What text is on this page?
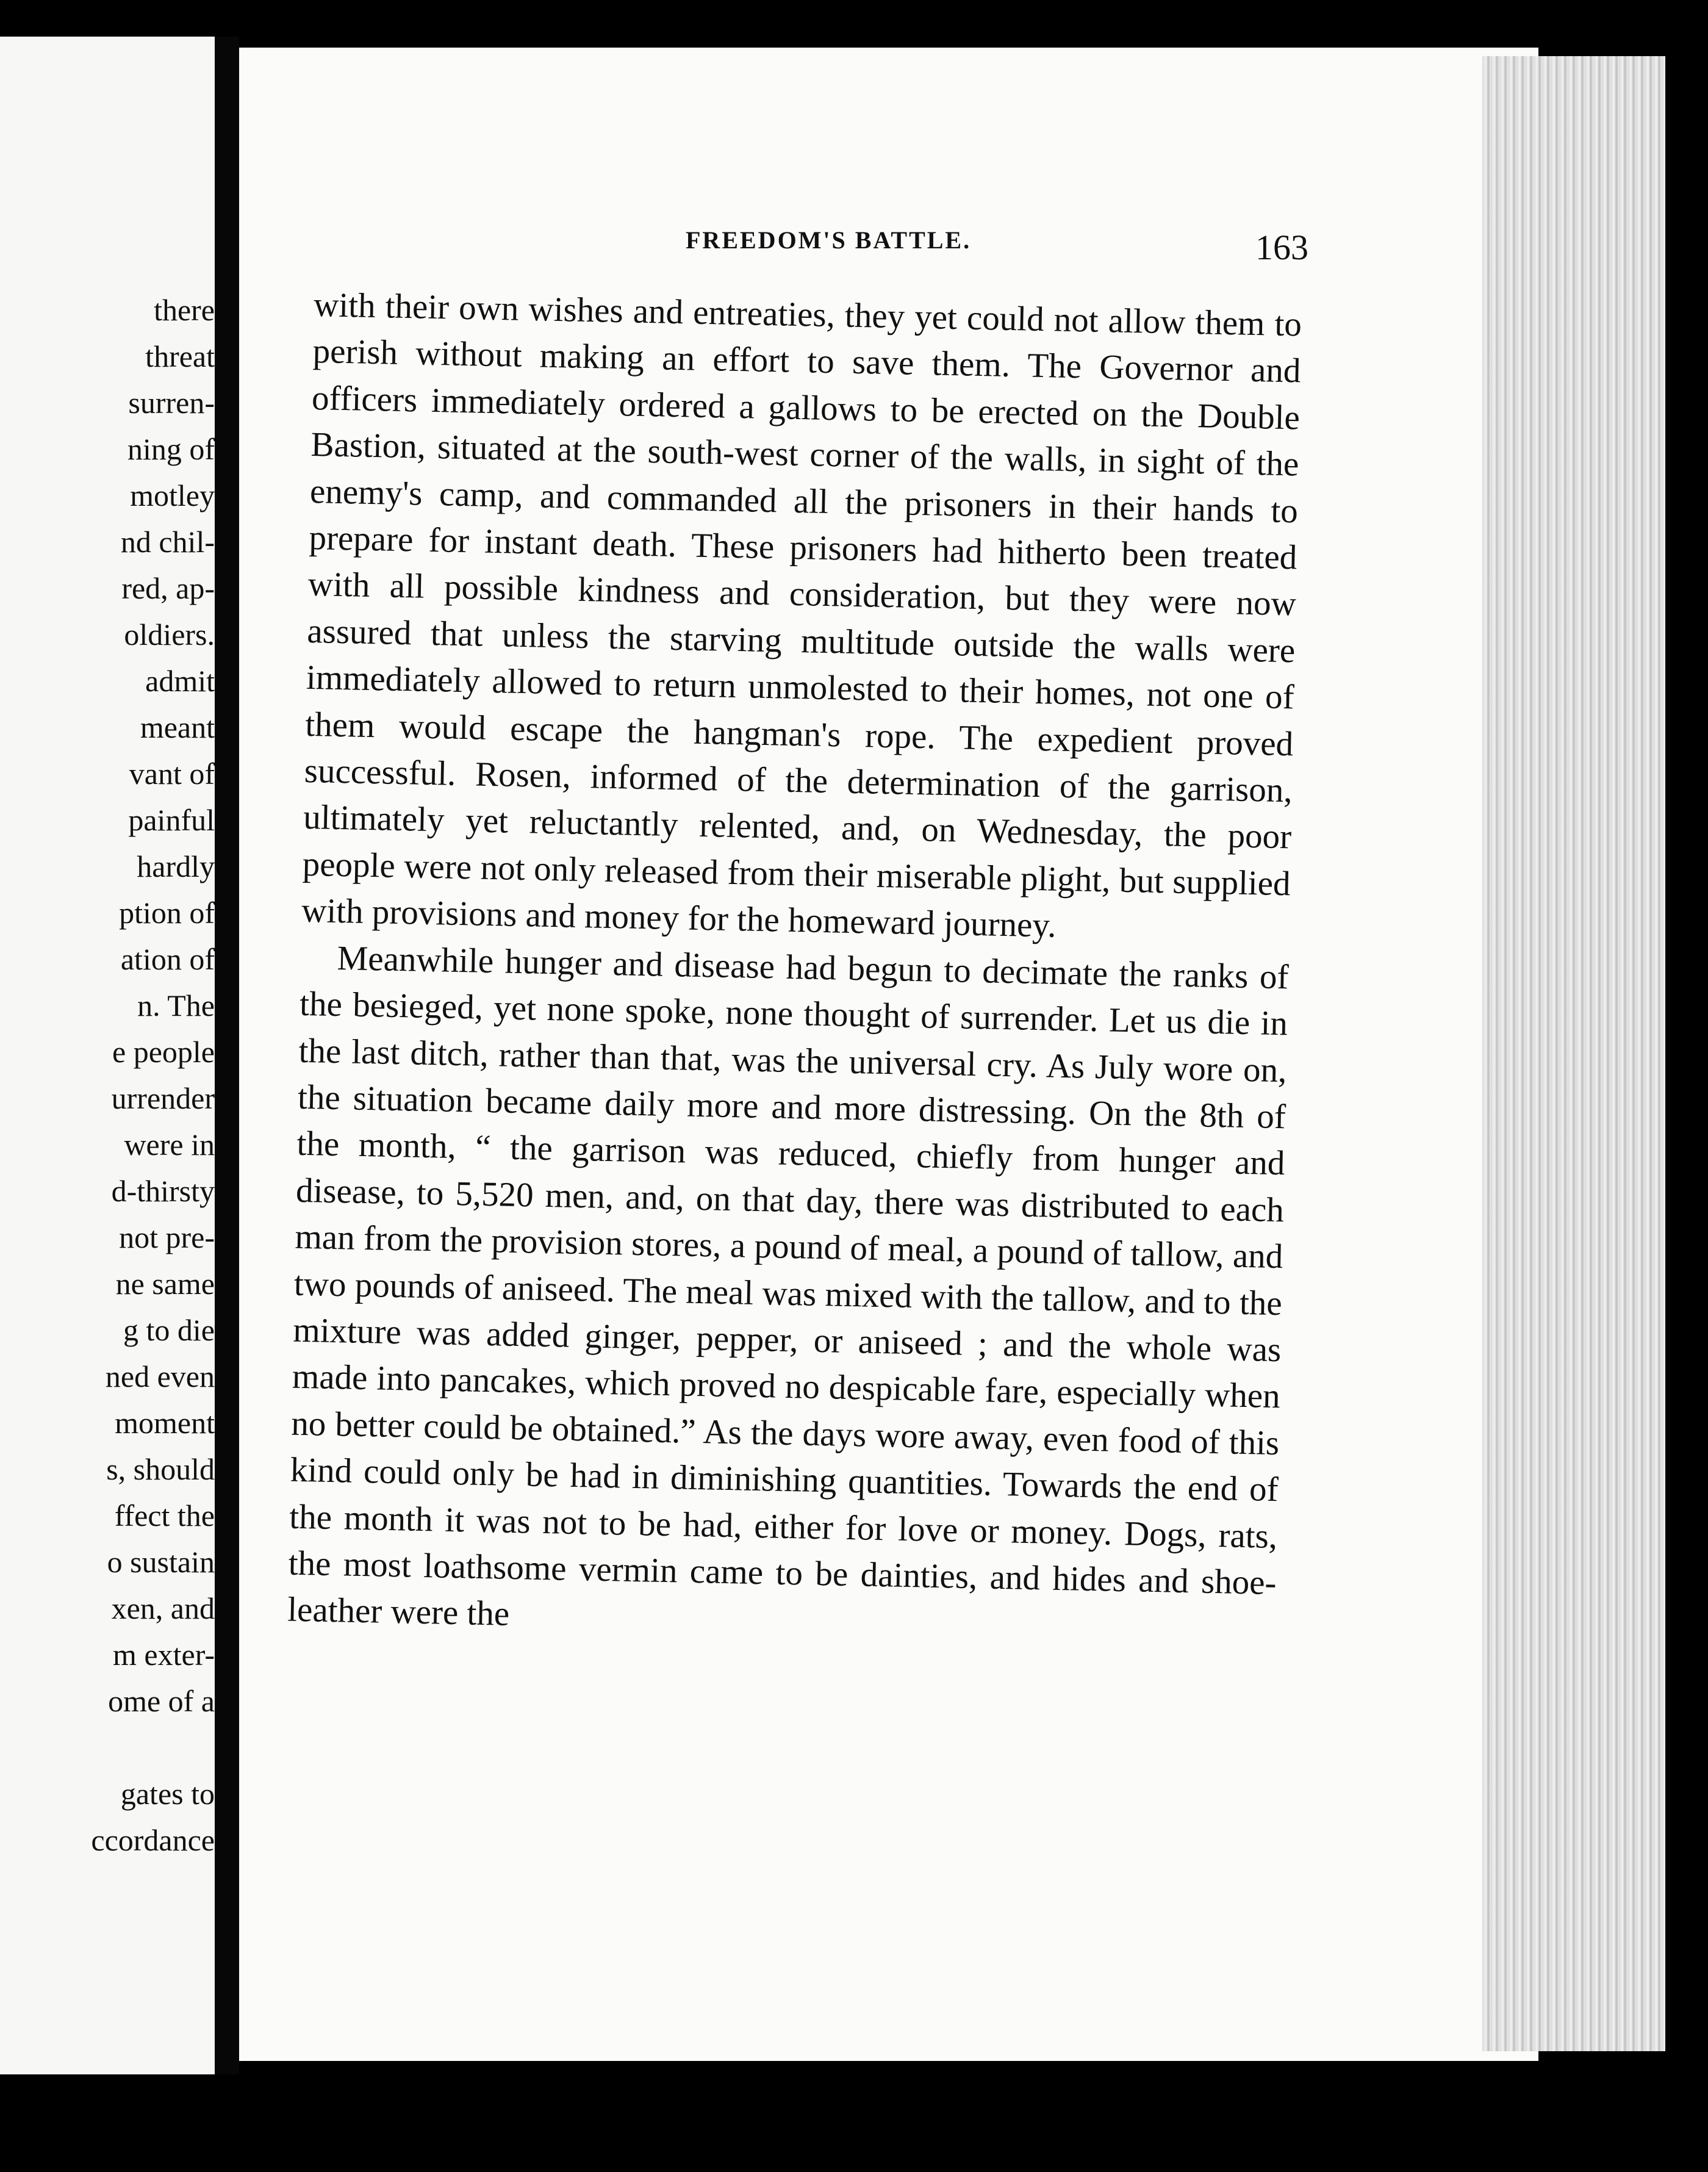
there
threat
surren-
ning of
motley
nd chil-
red, ap-
oldiers.
admit
meant
vant of
painful
hardly
ption of
ation of
n. The
e people
urrender
were in
d-thirsty
not pre-
ne same
g to die
ned even
moment
s, should
ffect the
o sustain
xen, and
m exter-
ome of a

gates to
ccordance
FREEDOM'S BATTLE.	163

with their own wishes and entreaties, they yet could not allow them to perish without making an effort to save them. The Governor and officers immediately ordered a gallows to be erected on the Double Bastion, situated at the south-west corner of the walls, in sight of the enemy's camp, and commanded all the prisoners in their hands to prepare for instant death. These prisoners had hitherto been treated with all possible kindness and consideration, but they were now assured that unless the starving multitude outside the walls were immediately allowed to return unmolested to their homes, not one of them would escape the hangman's rope. The expedient proved successful. Rosen, informed of the determination of the garrison, ultimately yet reluctantly relented, and, on Wednesday, the poor people were not only released from their miserable plight, but supplied with provisions and money for the homeward journey.

Meanwhile hunger and disease had begun to decimate the ranks of the besieged, yet none spoke, none thought of surrender. Let us die in the last ditch, rather than that, was the universal cry. As July wore on, the situation became daily more and more distressing. On the 8th of the month, “ the garrison was reduced, chiefly from hunger and disease, to 5,520 men, and, on that day, there was distributed to each man from the provision stores, a pound of meal, a pound of tallow, and two pounds of aniseed. The meal was mixed with the tallow, and to the mixture was added ginger, pepper, or aniseed ; and the whole was made into pancakes, which proved no despicable fare, especially when no better could be obtained.” As the days wore away, even food of this kind could only be had in diminishing quantities. Towards the end of the month it was not to be had, either for love or money. Dogs, rats, the most loathsome vermin came to be dainties, and hides and shoe-leather were the
